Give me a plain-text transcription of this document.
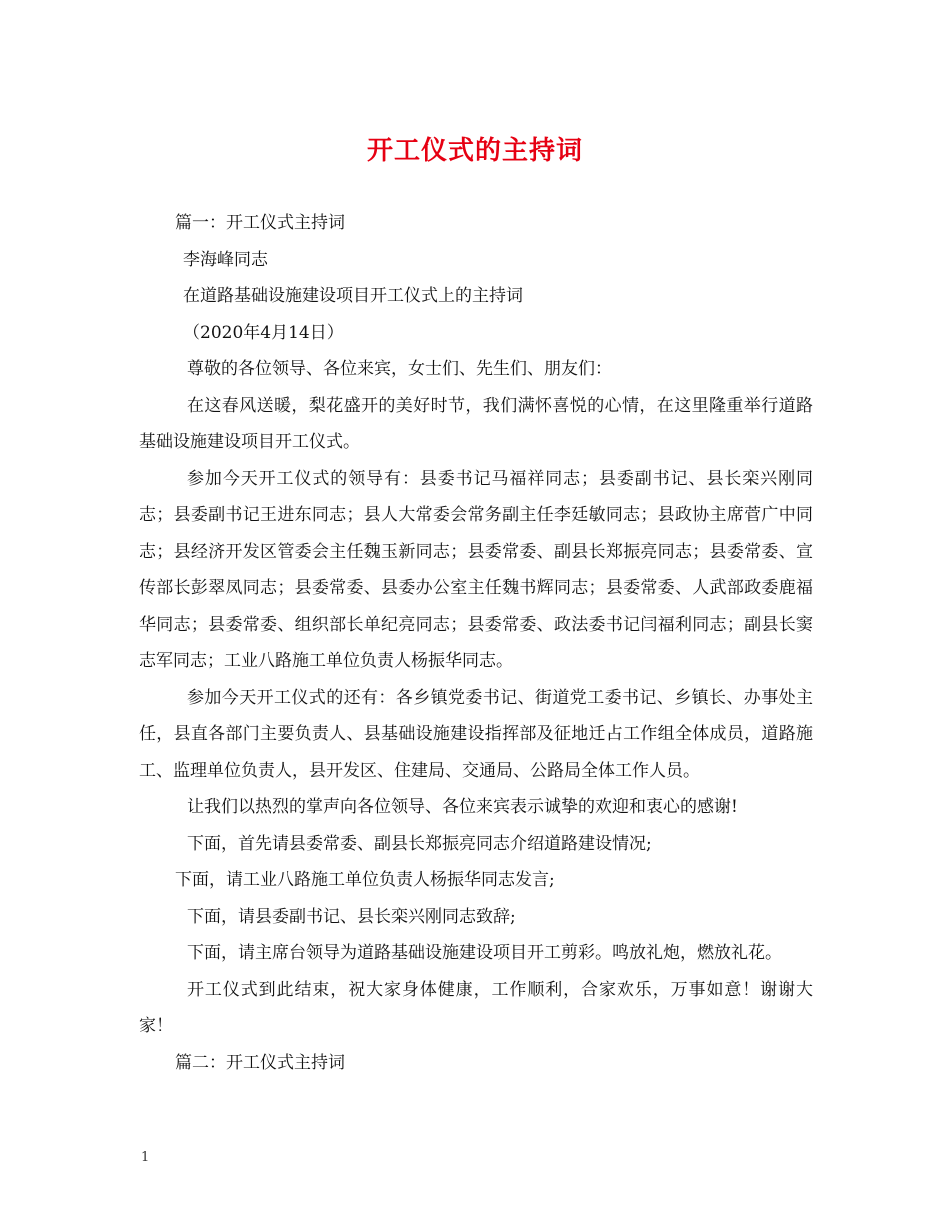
开工仪式的主持词

篇一：开工仪式主持词

李海峰同志

在道路基础设施建设项目开工仪式上的主持词

（2020年4月14日）

尊敬的各位领导、各位来宾，女士们、先生们、朋友们：

在这春风送暖，梨花盛开的美好时节，我们满怀喜悦的心情，在这里隆重举行道路基础设施建设项目开工仪式。

参加今天开工仪式的领导有：县委书记马福祥同志；县委副书记、县长栾兴刚同志；县委副书记王进东同志；县人大常委会常务副主任李廷敏同志；县政协主席菅广中同志；县经济开发区管委会主任魏玉新同志；县委常委、副县长郑振亮同志；县委常委、宣传部长彭翠凤同志；县委常委、县委办公室主任魏书辉同志；县委常委、人武部政委鹿福华同志；县委常委、组织部长单纪亮同志；县委常委、政法委书记闫福利同志；副县长窦志军同志；工业八路施工单位负责人杨振华同志。

参加今天开工仪式的还有：各乡镇党委书记、街道党工委书记、乡镇长、办事处主任，县直各部门主要负责人、县基础设施建设指挥部及征地迁占工作组全体成员，道路施工、监理单位负责人，县开发区、住建局、交通局、公路局全体工作人员。

让我们以热烈的掌声向各位领导、各位来宾表示诚挚的欢迎和衷心的感谢!

下面，首先请县委常委、副县长郑振亮同志介绍道路建设情况;

下面，请工业八路施工单位负责人杨振华同志发言;

下面，请县委副书记、县长栾兴刚同志致辞;

下面，请主席台领导为道路基础设施建设项目开工剪彩。鸣放礼炮，燃放礼花。

开工仪式到此结束，祝大家身体健康，工作顺利，合家欢乐，万事如意！谢谢大家！

篇二：开工仪式主持词

1
